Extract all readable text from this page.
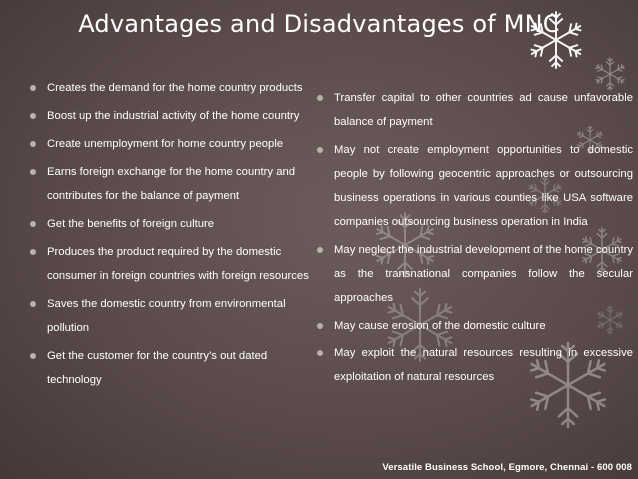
Advantages and Disadvantages of MNC
Creates the demand for the home country products
Boost up the industrial activity of the home country
Create unemployment for home country people
Earns foreign exchange for the home country and contributes for the balance of payment
Get the benefits of foreign culture
Produces the product required by the domestic consumer in foreign countries with foreign resources
Saves the domestic country from environmental pollution
Get the customer for the country’s out dated technology
Transfer capital to other countries ad cause unfavorable balance of payment
May not create employment opportunities to domestic people by following geocentric approaches or outsourcing business operations in various counties like USA software companies outsourcing business operation in India
May neglect the industrial development of the home country as the transnational companies follow the secular approaches
May cause erosion of the domestic culture
May exploit the natural resources resulting in excessive exploitation of natural resources
Versatile Business School, Egmore, Chennai - 600 008
